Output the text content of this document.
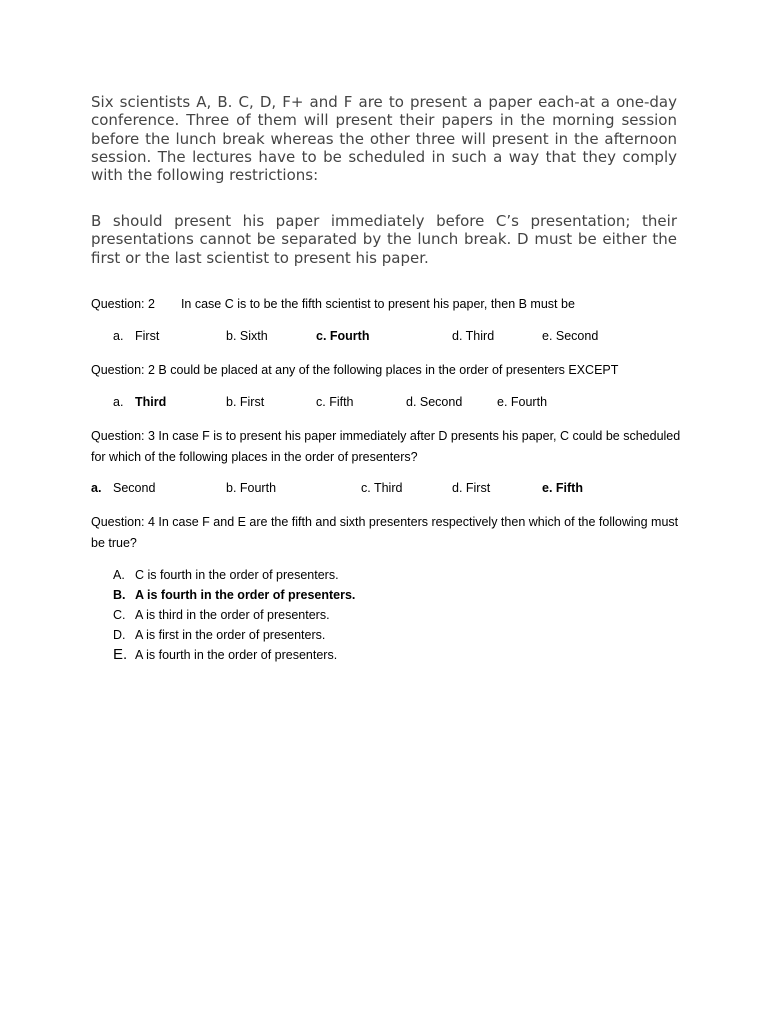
Six scientists A, B. C, D, F+ and F are to present a paper each-at a one-day conference. Three of them will present their papers in the morning session before the lunch break whereas the other three will present in the afternoon session. The lectures have to be scheduled in such a way that they comply with the following restrictions:

B should present his paper immediately before C’s presentation; their presentations cannot be separated by the lunch break. D must be either the first or the last scientist to present his paper.

Question: 2 In case C is to be the fifth scientist to present his paper, then B must be

a. First	b. Sixth	c. Fourth	d. Third	e. Second

Question: 2 B could be placed at any of the following places in the order of presenters EXCEPT

a. Third	b. First	c. Fifth	d. Second	e. Fourth

Question: 3 In case F is to present his paper immediately after D presents his paper, C could be scheduled for which of the following places in the order of presenters?

a. Second	b. Fourth	c. Third	d. First	e. Fifth

Question: 4 In case F and E are the fifth and sixth presenters respectively then which of the following must be true?

A. C is fourth in the order of presenters.
B. A is fourth in the order of presenters.
C. A is third in the order of presenters.
D. A is first in the order of presenters.
E. A is fourth in the order of presenters.
